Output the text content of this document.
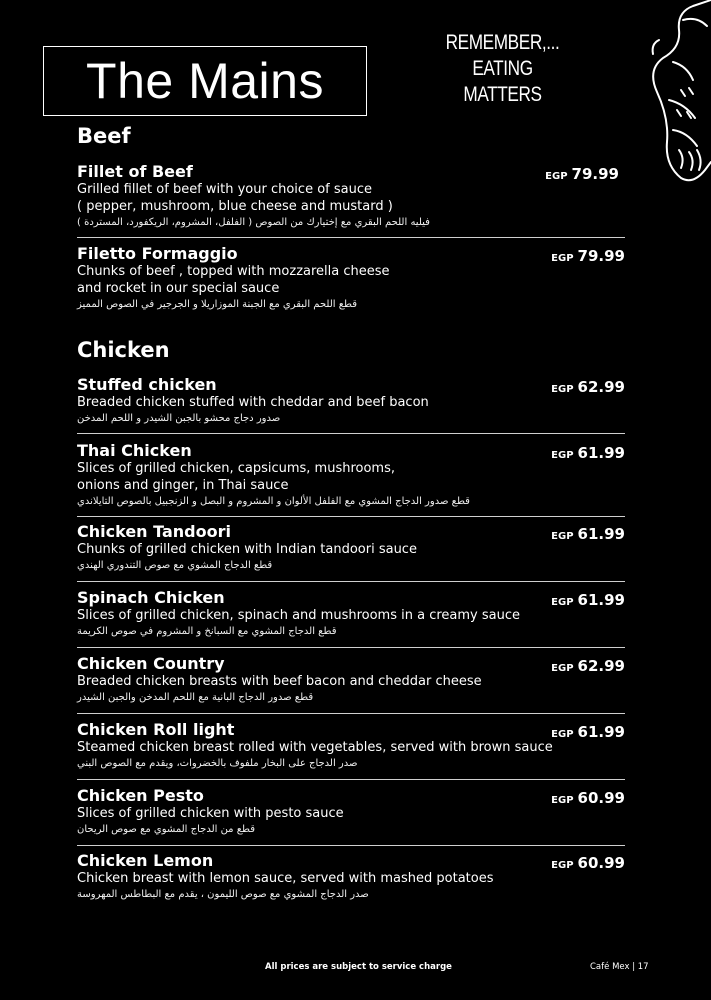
The Mains
REMEMBER,...
EATING MATTERS
Beef
Fillet of Beef
Grilled fillet of beef with your choice of sauce
( pepper, mushroom, blue cheese and mustard )
فيليه اللحم البقري مع إختيارك من الصوص ( الفلفل، المشروم، الريكفورد، المستردة )
EGP 79.99
Filetto Formaggio
Chunks of beef , topped with mozzarella cheese
and rocket in our special sauce
قطع اللحم البقري مع الجبنة الموزاريلا و الجرجير في الصوص المميز
EGP 79.99
Chicken
Stuffed chicken
Breaded chicken stuffed with cheddar and beef bacon
صدور دجاج محشو بالجبن الشيدر و اللحم المدخن
EGP 62.99
Thai Chicken
Slices of grilled chicken, capsicums, mushrooms,
onions and ginger, in Thai sauce
قطع صدور الدجاج المشوي مع الفلفل الألوان و المشروم و البصل و الزنجبيل بالصوص التايلاندي
EGP 61.99
Chicken Tandoori
Chunks of grilled chicken with Indian tandoori sauce
قطع الدجاج المشوي مع صوص التندوري الهندي
EGP 61.99
Spinach Chicken
Slices of grilled chicken, spinach and mushrooms in a creamy sauce
قطع الدجاج المشوي مع السبانخ و المشروم في صوص الكريمة
EGP 61.99
Chicken Country
Breaded chicken breasts with beef bacon and cheddar cheese
قطع صدور الدجاج البانية مع اللحم المدخن والجبن الشيدر
EGP 62.99
Chicken Roll light
Steamed chicken breast rolled with vegetables, served with brown sauce
صدر الدجاج على البخار ملفوف بالخضروات، ويقدم مع الصوص البني
EGP 61.99
Chicken Pesto
Slices of grilled chicken with pesto sauce
قطع من الدجاج المشوي مع صوص الريحان
EGP 60.99
Chicken Lemon
Chicken breast with lemon sauce, served with mashed potatoes
صدر الدجاج المشوي مع صوص الليمون ، يقدم مع البطاطس المهروسة
EGP 60.99
All prices are subject to service charge	Café Mex | 17
